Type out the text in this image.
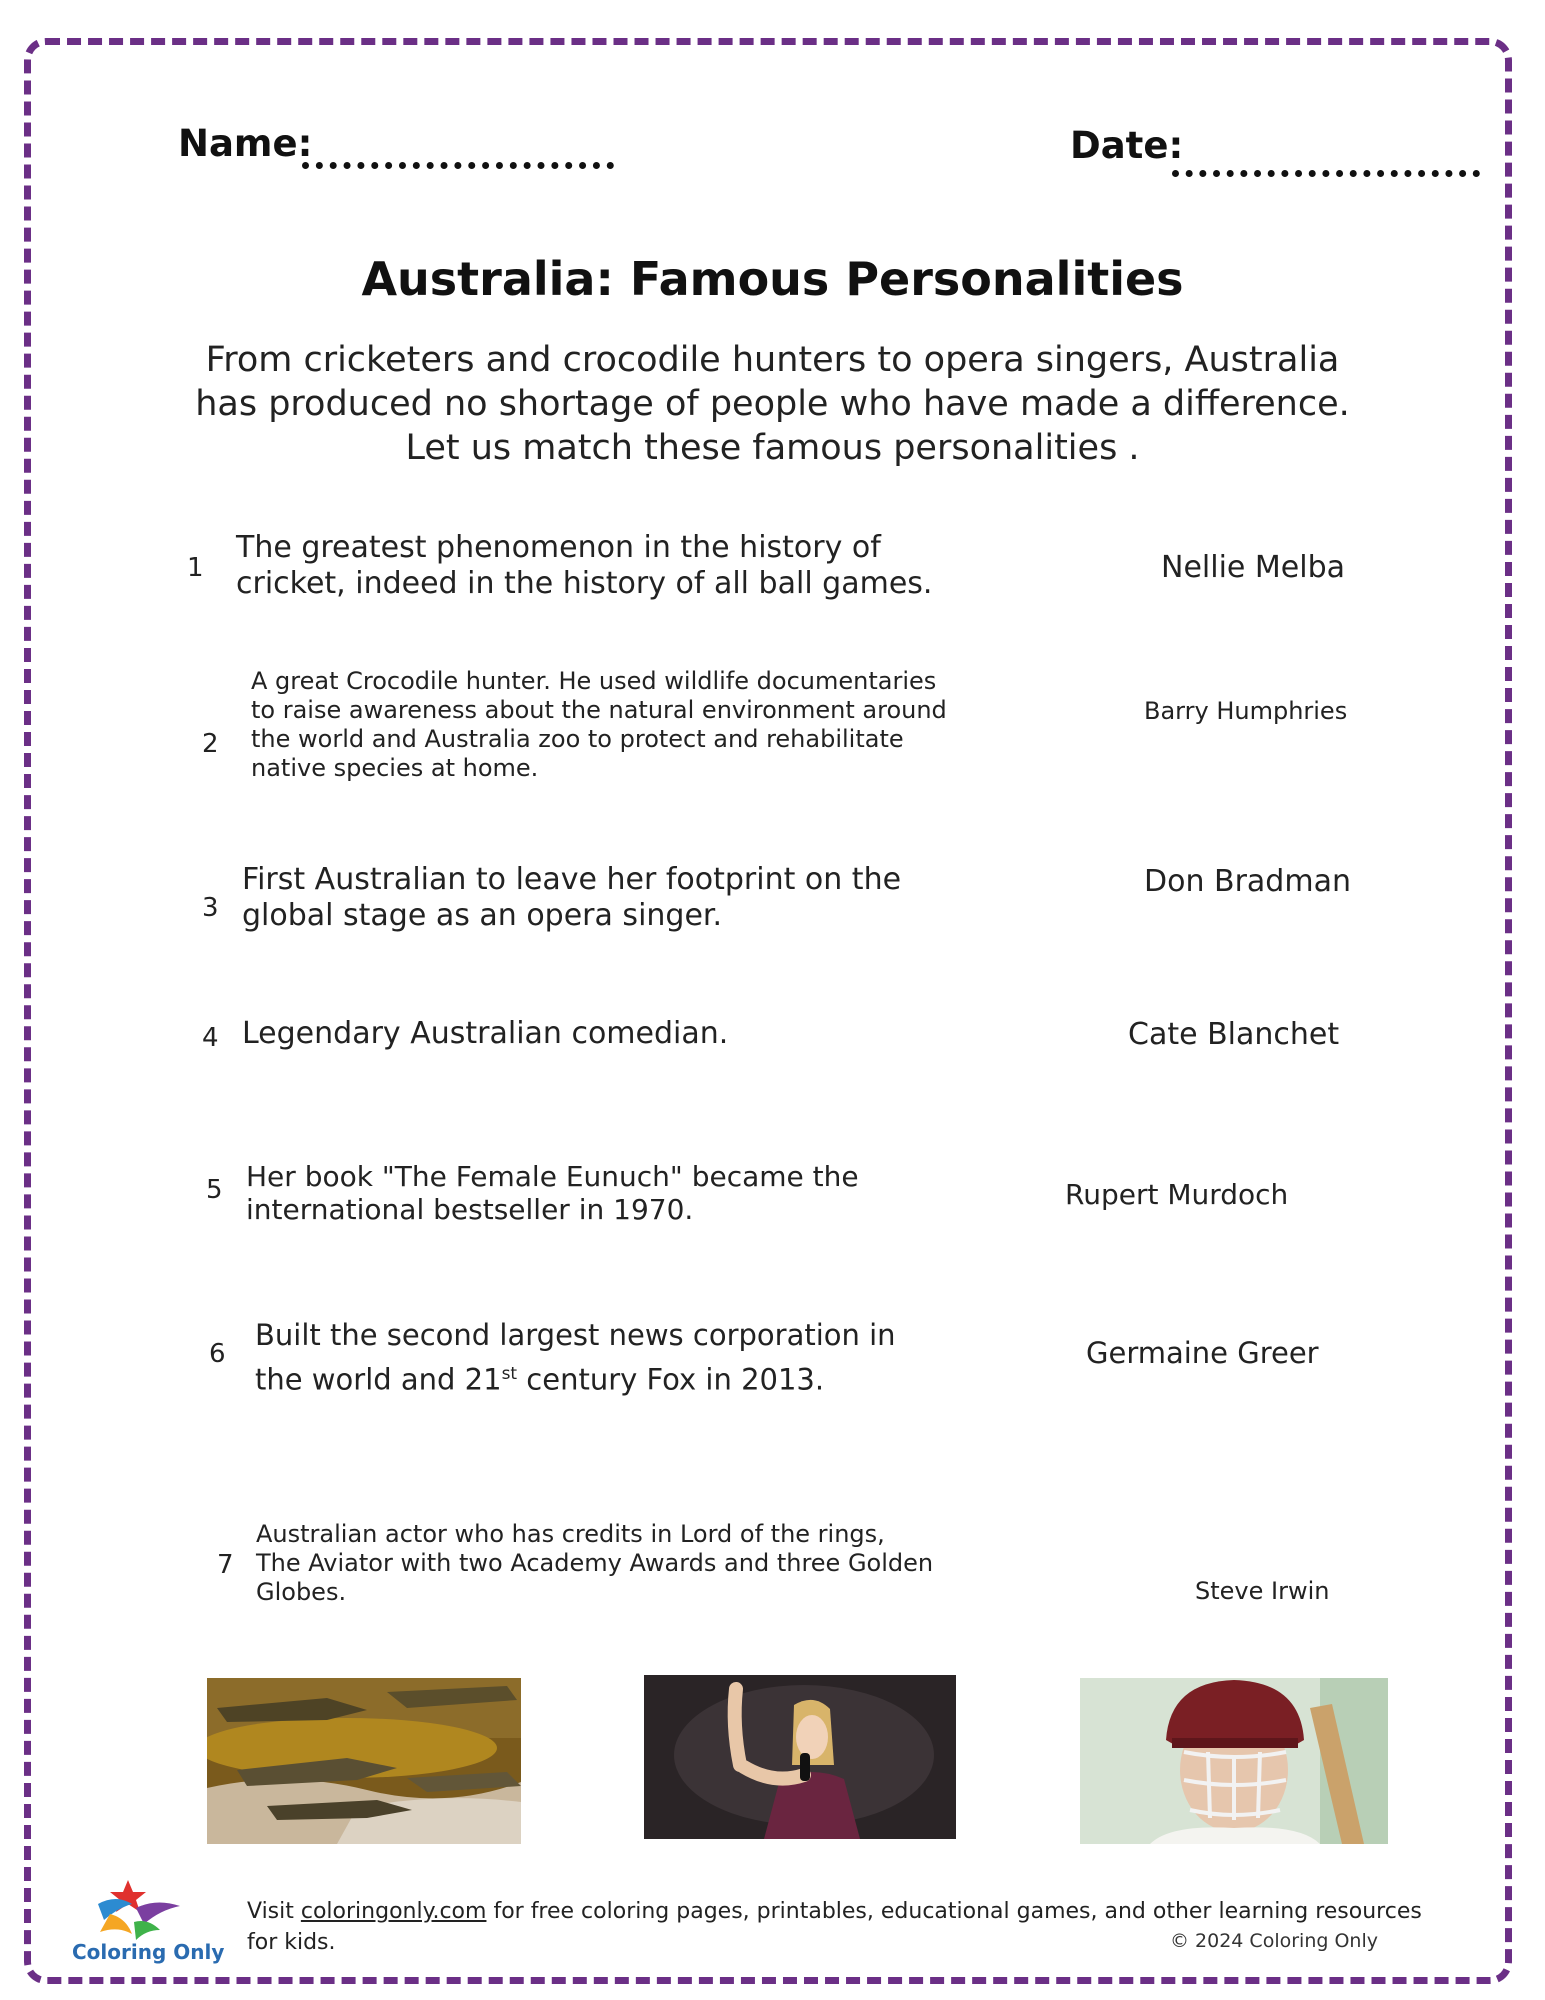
Name:	Date:
Australia: Famous Personalities
From cricketers and crocodile hunters to opera singers, Australia has produced no shortage of people who have made a difference. Let us match these famous personalities .
1
The greatest phenomenon in the history of cricket, indeed in the history of all ball games.
2
A great Crocodile hunter. He used wildlife documentaries to raise awareness about the natural environment around the world and Australia zoo to protect and rehabilitate native species at home.
3
First Australian to leave her footprint on the global stage as an opera singer.
4 Legendary Australian comedian.
5 Her book "The Female Eunuch" became the international bestseller in 1970.
6
Built the second largest news corporation in the world and 21st century Fox in 2013.
7
Australian actor who has credits in Lord of the rings, The Aviator with two Academy Awards and three Golden Globes.
Nellie Melba
Barry Humphries
Don Bradman
Cate Blanchet
Rupert Murdoch
Germaine Greer
Steve Irwin
Coloring Only
Visit coloringonly.com for free coloring pages, printables, educational games, and other learning resources for kids.	© 2024 Coloring Only
